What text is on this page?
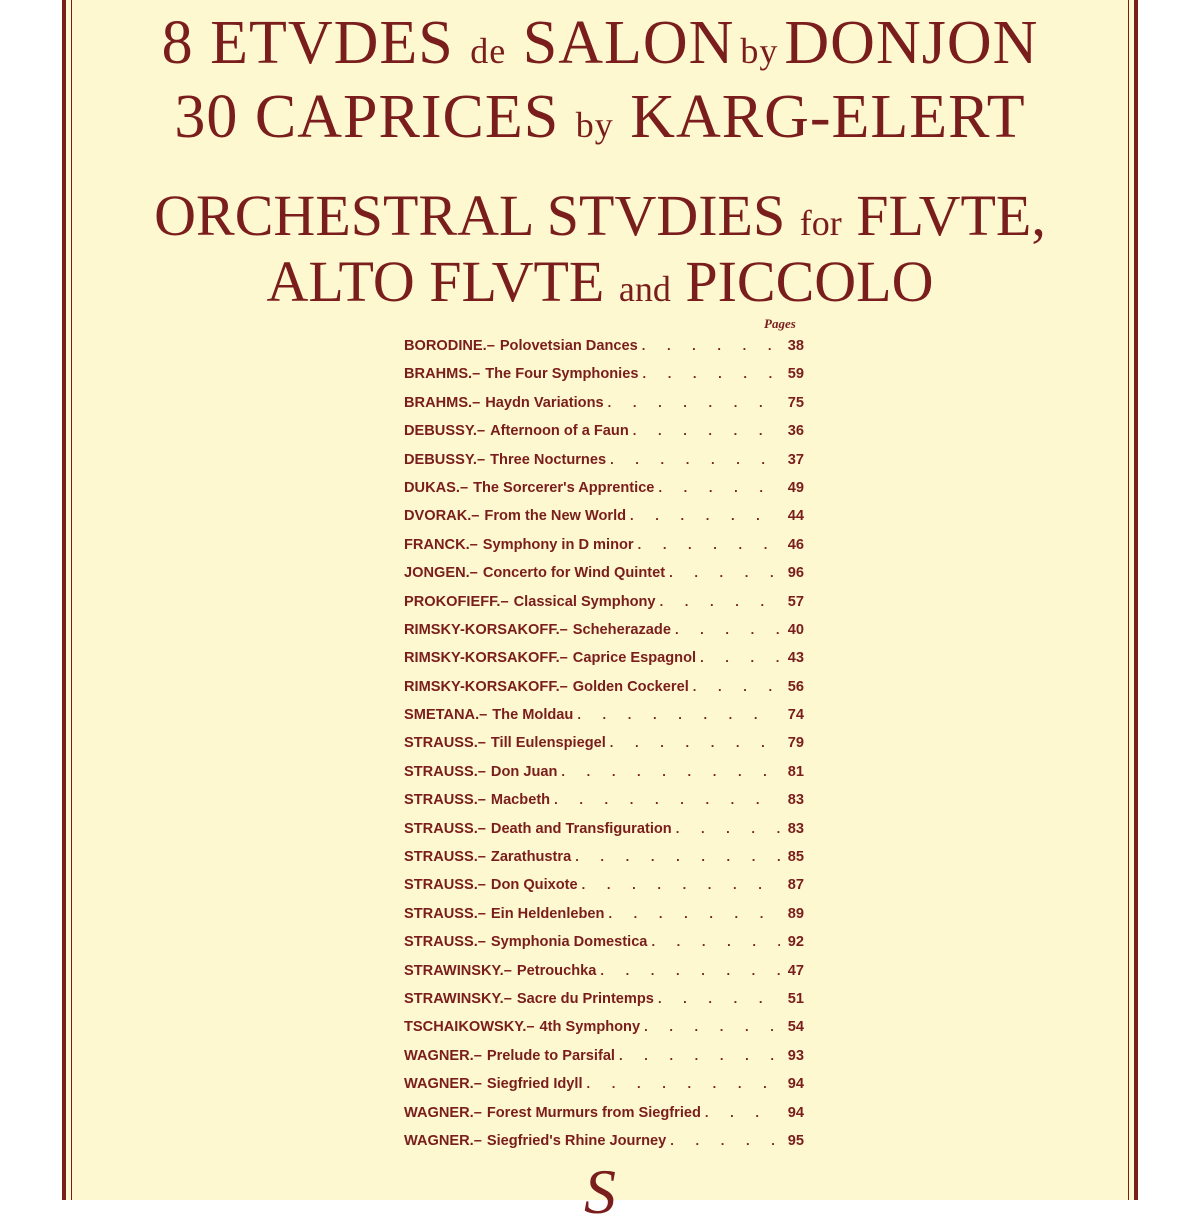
8 ETVDES de SALON byDONJON
30 CAPRICES by KARG-ELERT
ORCHESTRAL STVDIES for FLVTE,
ALTO FLVTE and PICCOLO
Pages
BORODINE.– Polovetsian Dances . . .	38
BRAHMS.– The Four Symphonies . . .	59
BRAHMS.– Haydn Variations . . .	75
DEBUSSY.– Afternoon of a Faun . . .	36
DEBUSSY.– Three Nocturnes . . .	37
DUKAS.– The Sorcerer's Apprentice . . .	49
DVORAK.– From the New World . . .	44
FRANCK.– Symphony in D minor . . .	46
JONGEN.– Concerto for Wind Quintet . . .	96
PROKOFIEFF.– Classical Symphony . . .	57
RIMSKY-KORSAKOFF.– Scheherazade . . .	40
RIMSKY-KORSAKOFF.– Caprice Espagnol . . .	43
RIMSKY-KORSAKOFF.– Golden Cockerel . . .	56
SMETANA.– The Moldau . . .	74
STRAUSS.– Till Eulenspiegel . . .	79
STRAUSS.– Don Juan . . .	81
STRAUSS.– Macbeth . . .	83
STRAUSS.– Death and Transfiguration . . .	83
STRAUSS.– Zarathustra . . .	85
STRAUSS.– Don Quixote . . .	87
STRAUSS.– Ein Heldenleben . . .	89
STRAUSS.– Symphonia Domestica . . .	92
STRAWINSKY.– Petrouchka . . .	47
STRAWINSKY.– Sacre du Printemps . . .	51
TSCHAIKOWSKY.– 4th Symphony . . .	54
WAGNER.– Prelude to Parsifal . . .	93
WAGNER.– Siegfried Idyll . . .	94
WAGNER.– Forest Murmurs from Siegfried . . .	94
WAGNER.– Siegfried's Rhine Journey . . .	95
S
